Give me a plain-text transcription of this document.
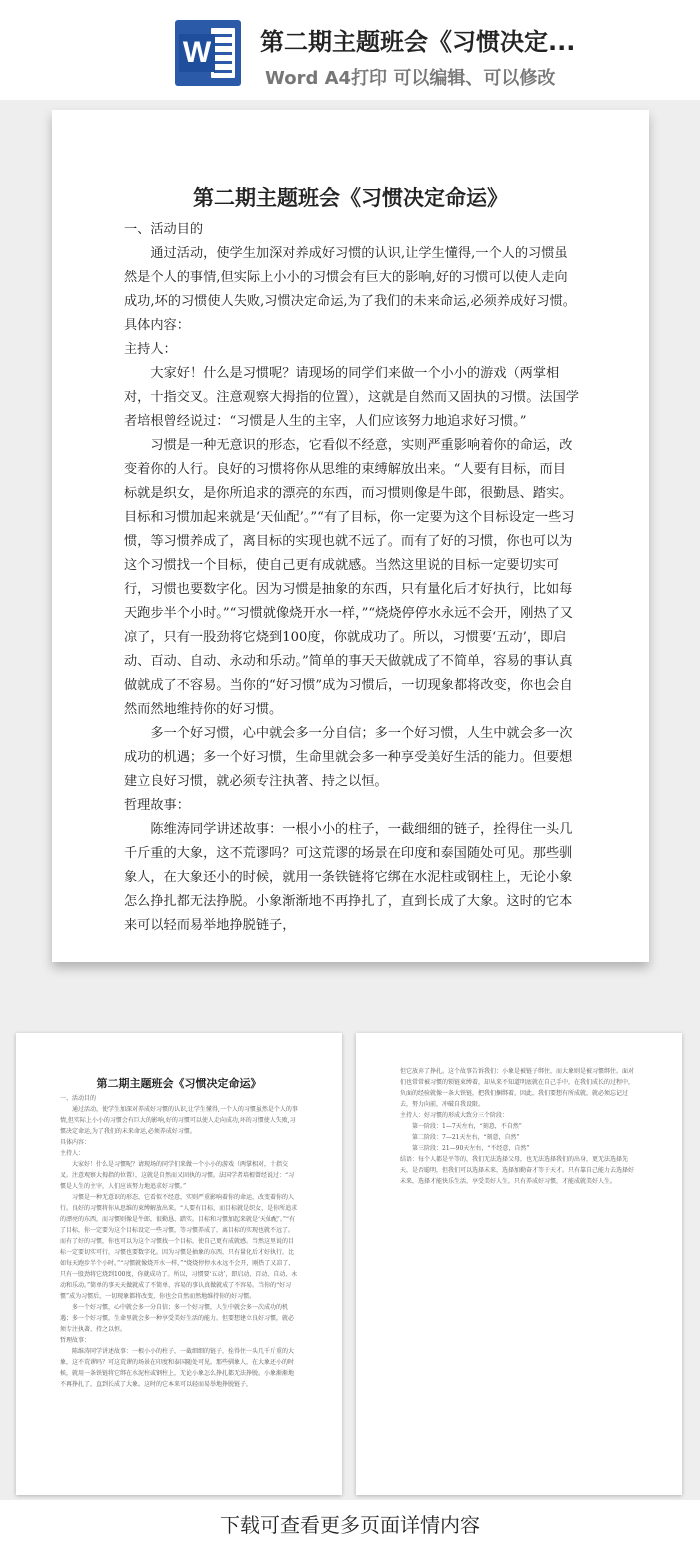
W 第二期主题班会《习惯决定...
Word A4打印 可以编辑、可以修改
第二期主题班会《习惯决定命运》

一、活动目的

通过活动，使学生加深对养成好习惯的认识,让学生懂得,一个人的习惯虽然是个人的事情,但实际上小小的习惯会有巨大的影响,好的习惯可以使人走向成功,坏的习惯使人失败,习惯决定命运,为了我们的未来命运,必须养成好习惯。

具体内容：

主持人：

大家好！什么是习惯呢？请现场的同学们来做一个小小的游戏（两掌相对，十指交叉。注意观察大拇指的位置），这就是自然而又固执的习惯。法国学者培根曾经说过：“习惯是人生的主宰，人们应该努力地追求好习惯。”

习惯是一种无意识的形态，它看似不经意，实则严重影响着你的命运，改变着你的人行。良好的习惯将你从思维的束缚解放出来。“人要有目标，而目标就是织女，是你所追求的漂亮的东西，而习惯则像是牛郎，很勤恳、踏实。目标和习惯加起来就是‘天仙配’。”“有了目标，你一定要为这个目标设定一些习惯，等习惯养成了，离目标的实现也就不远了。而有了好的习惯，你也可以为这个习惯找一个目标，使自己更有成就感。当然这里说的目标一定要切实可行，习惯也要数字化。因为习惯是抽象的东西，只有量化后才好执行，比如每天跑步半个小时。”“习惯就像烧开水一样，”“烧烧停停水永远不会开，刚热了又凉了，只有一股劲将它烧到100度，你就成功了。所以，习惯要‘五动’，即启动、百动、自动、永动和乐动。”简单的事天天做就成了不简单，容易的事认真做就成了不容易。当你的“好习惯”成为习惯后，一切现象都将改变，你也会自然而然地维持你的好习惯。

多一个好习惯，心中就会多一分自信；多一个好习惯，人生中就会多一次成功的机遇；多一个好习惯，生命里就会多一种享受美好生活的能力。但要想建立良好习惯，就必须专注执著、持之以恒。

哲理故事：

陈维涛同学讲述故事：一根小小的柱子，一截细细的链子，拴得住一头几千斤重的大象，这不荒谬吗？可这荒谬的场景在印度和泰国随处可见。那些驯象人，在大象还小的时候，就用一条铁链将它绑在水泥柱或钢柱上，无论小象怎么挣扎都无法挣脱。小象渐渐地不再挣扎了，直到长成了大象。这时的它本来可以轻而易举地挣脱链子，

第二期主题班会《习惯决定命运》

一、活动目的

通过活动，使学生加深对养成好习惯的认识,让学生懂得,一个人的习惯虽然是个人的事情,但实际上小小的习惯会有巨大的影响,好的习惯可以使人走向成功,坏的习惯使人失败,习惯决定命运,为了我们的未来命运,必须养成好习惯。

具体内容：

主持人：

大家好！什么是习惯呢？请现场的同学们来做一个小小的游戏（两掌相对，十指交叉。注意观察大拇指的位置），这就是自然而又固执的习惯。法国学者培根曾经说过：“习惯是人生的主宰，人们应该努力地追求好习惯。”

习惯是一种无意识的形态，它看似不经意，实则严重影响着你的命运，改变着你的人行。良好的习惯将你从思维的束缚解放出来。“人要有目标，而目标就是织女，是你所追求的漂亮的东西，而习惯则像是牛郎，很勤恳、踏实。目标和习惯加起来就是‘天仙配’。”“有了目标，你一定要为这个目标设定一些习惯，等习惯养成了，离目标的实现也就不远了。而有了好的习惯，你也可以为这个习惯找一个目标，使自己更有成就感。当然这里说的目标一定要切实可行，习惯也要数字化。因为习惯是抽象的东西，只有量化后才好执行，比如每天跑步半个小时。”“习惯就像烧开水一样，”“烧烧停停水永远不会开，刚热了又凉了，只有一股劲将它烧到100度，你就成功了。所以，习惯要‘五动’，即启动、百动、自动、永动和乐动。”简单的事天天做就成了不简单，容易的事认真做就成了不容易。当你的“好习惯”成为习惯后，一切现象都将改变，你也会自然而然地维持你的好习惯。

多一个好习惯，心中就会多一分自信；多一个好习惯，人生中就会多一次成功的机遇；多一个好习惯，生命里就会多一种享受美好生活的能力。但要想建立良好习惯，就必须专注执著、持之以恒。

哲理故事：

陈维涛同学讲述故事：一根小小的柱子，一截细细的链子，拴得住一头几千斤重的大象，这不荒谬吗？可这荒谬的场景在印度和泰国随处可见。那些驯象人，在大象还小的时候，就用一条铁链将它绑在水泥柱或钢柱上，无论小象怎么挣扎都无法挣脱。小象渐渐地不再挣扎了，直到长成了大象。这时的它本来可以轻而易举地挣脱链子，

但它放弃了挣扎。这个故事告诉我们：小象是被链子绑住，而大象则是被习惯绑住。面对们也常常被习惯的锁链束缚着，却从来不知道明底就在自己手中，在我们成长的过程中，负面的经验就像一条大铁链，把我们捆绑着，因此，我们要想有所成就，就必须忘记过去，努力向前，冲破自我设限。

主持人：好习惯的形成大致分三个阶段：

第一阶段：1—7天左右，“刻意，不自然”

第二阶段：7—21天左右，“刻意，自然”

第三阶段：21—90天左右，“不经意，自然”

结语：每个人都是平等的，我们无法选择父母，也无法选择我们的出身，更无法选择先天，是否聪明，但我们可以选择未来，选择加勤奋才等于天才。只有靠自己能力去选择好未来，选择才能快乐生活，享受美好人生，只有养成好习惯，才能成就美好人生。

下载可查看更多页面详情内容
